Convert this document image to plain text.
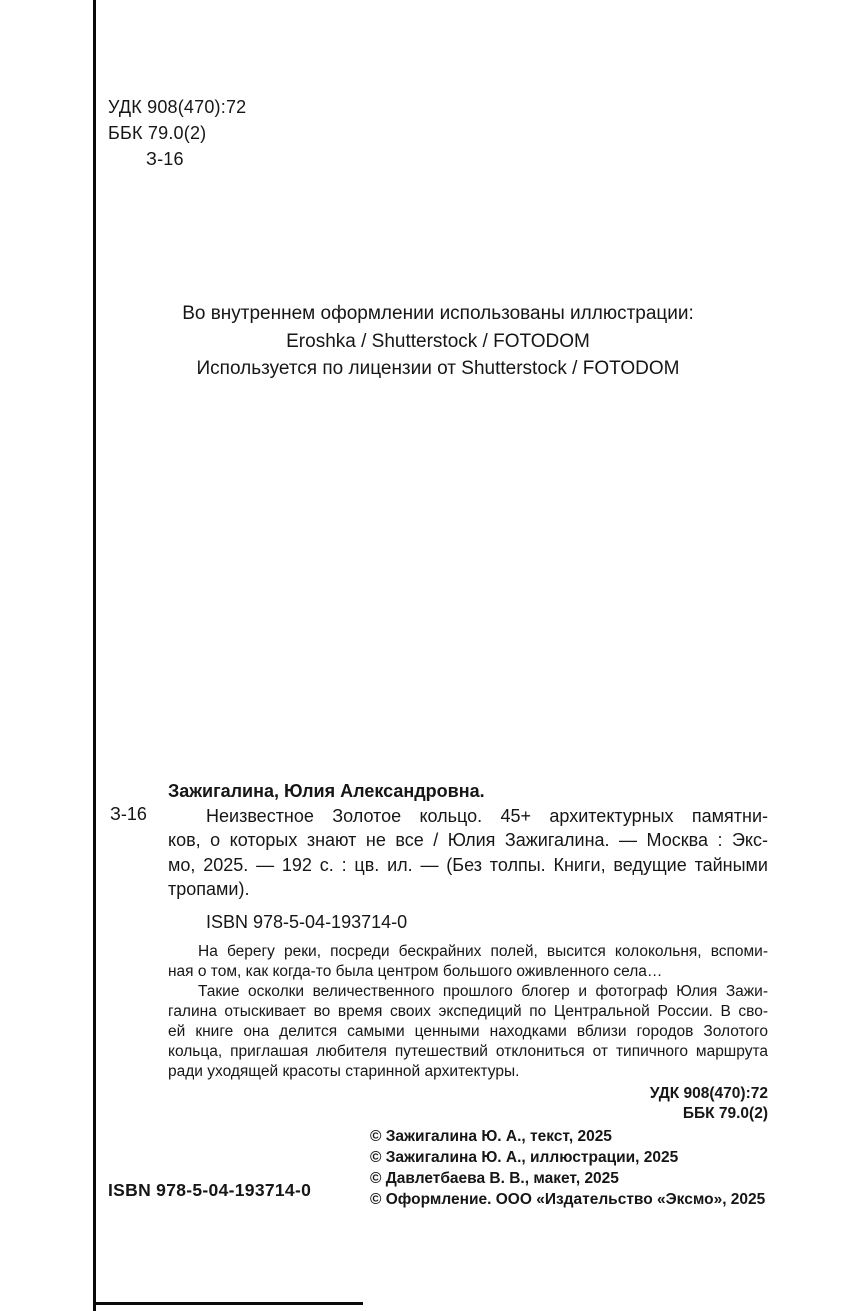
УДК 908(470):72
ББК 79.0(2)
З-16
Во внутреннем оформлении использованы иллюстрации:
Eroshka / Shutterstock / FOTODOM
Используется по лицензии от Shutterstock / FOTODOM
З-16
Зажигалина, Юлия Александровна.
Неизвестное Золотое кольцо. 45+ архитектурных памятни-
ков, о которых знают не все / Юлия Зажигалина. — Москва : Экс-
мо, 2025. — 192 с. : цв. ил. — (Без толпы. Книги, ведущие тайными
тропами).
ISBN 978-5-04-193714-0
На берегу реки, посреди бескрайних полей, высится колокольня, вспоми-
ная о том, как когда-то была центром большого оживленного села…
Такие осколки величественного прошлого блогер и фотограф Юлия Зажи-
галина отыскивает во время своих экспедиций по Центральной России. В сво-
ей книге она делится самыми ценными находками вблизи городов Золотого
кольца, приглашая любителя путешествий отклониться от типичного маршрута
ради уходящей красоты старинной архитектуры.
УДК 908(470):72
ББК 79.0(2)
© Зажигалина Ю. А., текст, 2025
© Зажигалина Ю. А., иллюстрации, 2025
© Давлетбаева В. В., макет, 2025
© Оформление. ООО «Издательство «Эксмо», 2025
ISBN 978-5-04-193714-0
